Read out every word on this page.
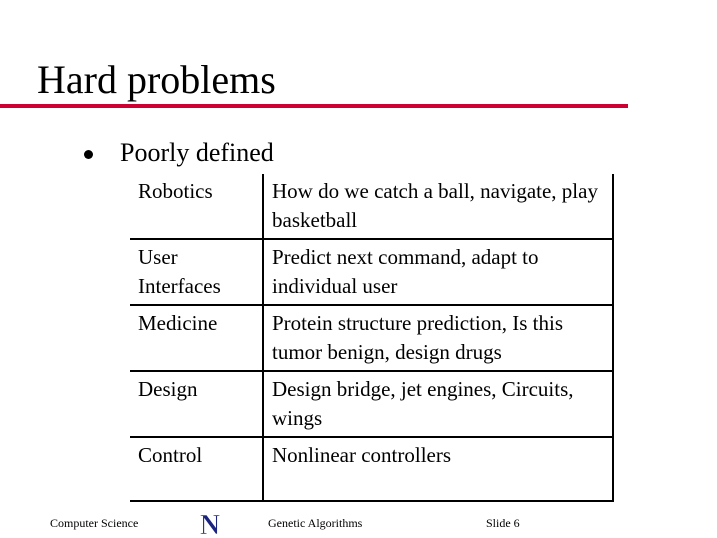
Hard problems
Poorly defined
Robotics	How do we catch a ball, navigate, play basketball

User Interfaces	Predict next command, adapt to individual user

Medicine	Protein structure prediction, Is this tumor benign, design drugs

Design	Design bridge, jet engines, Circuits, wings

Control	Nonlinear controllers
Computer Science N	Genetic Algorithms	Slide 6
